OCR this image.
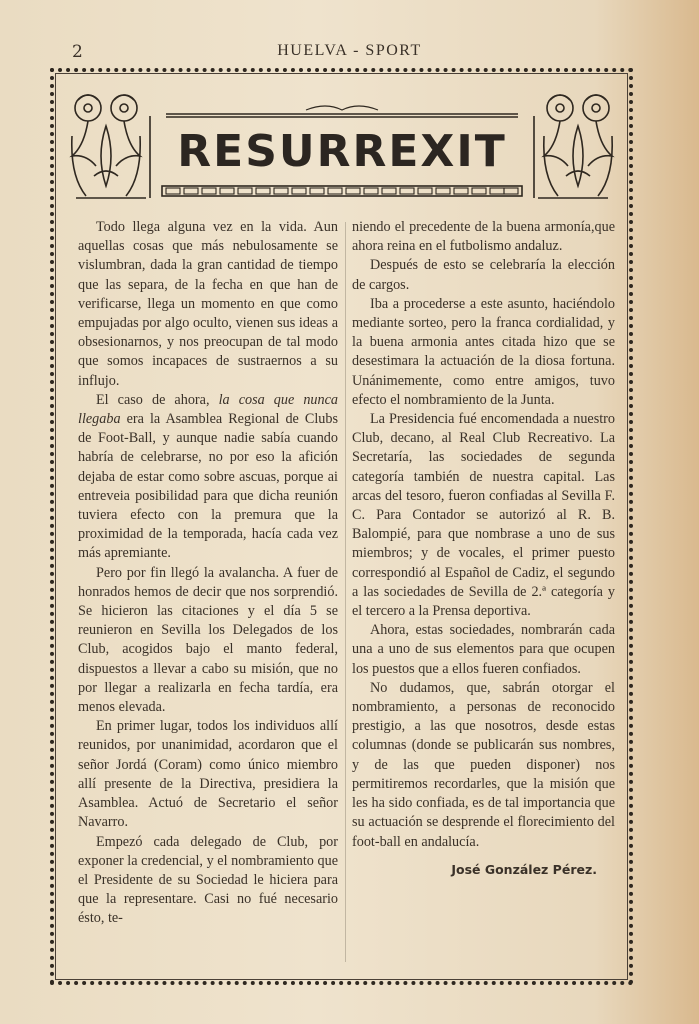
2	HUELVA - SPORT
RESURREXIT

Todo llega alguna vez en la vida. Aun aquellas cosas que más nebulosamente se vislumbran, dada la gran cantidad de tiempo que las separa, de la fecha en que han de verificarse, llega un momento en que como empujadas por algo oculto, vienen sus ideas a obsesionarnos, y nos preocupan de tal modo que somos incapaces de sustraernos a su influjo.

El caso de ahora, la cosa que nunca llegaba era la Asamblea Regional de Clubs de Foot-Ball, y aunque nadie sabía cuando habría de celebrarse, no por eso la afición dejaba de estar como sobre ascuas, porque ai entreveia posibilidad para que dicha reunión tuviera efecto con la premura que la proximidad de la temporada, hacía cada vez más apremiante.

Pero por fin llegó la avalancha. A fuer de honrados hemos de decir que nos sorprendió. Se hicieron las citaciones y el día 5 se reunieron en Sevilla los Delegados de los Club, acogidos bajo el manto federal, dispuestos a llevar a cabo su misión, que no por llegar a realizarla en fecha tardía, era menos elevada.

En primer lugar, todos los individuos allí reunidos, por unanimidad, acordaron que el señor Jordá (Coram) como único miembro allí presente de la Directiva, presidiera la Asamblea. Actuó de Secretario el señor Navarro.

Empezó cada delegado de Club, por exponer la credencial, y el nombramiento que el Presidente de su Sociedad le hiciera para que la representare. Casi no fué necesario ésto, te-

niendo el precedente de la buena armonía,que ahora reina en el futbolismo andaluz.

Después de esto se celebraría la elección de cargos.

Iba a procederse a este asunto, haciéndolo mediante sorteo, pero la franca cordialidad, y la buena armonia antes citada hizo que se desestimara la actuación de la diosa fortuna. Unánimemente, como entre amigos, tuvo efecto el nombramiento de la Junta.

La Presidencia fué encomendada a nuestro Club, decano, al Real Club Recreativo. La Secretaría, las sociedades de segunda categoría también de nuestra capital. Las arcas del tesoro, fueron confiadas al Sevilla F. C. Para Contador se autorizó al R. B. Balompié, para que nombrase a uno de sus miembros; y de vocales, el primer puesto correspondió al Español de Cadiz, el segundo a las sociedades de Sevilla de 2.ª categoría y el tercero a la Prensa deportiva.

Ahora, estas sociedades, nombrarán cada una a uno de sus elementos para que ocupen los puestos que a ellos fueren confiados.

No dudamos, que, sabrán otorgar el nombramiento, a personas de reconocido prestigio, a las que nosotros, desde estas columnas (donde se publicarán sus nombres, y de las que pueden disponer) nos permitiremos recordarles, que la misión que les ha sido confiada, es de tal importancia que su actuación se desprende el florecimiento del foot-ball en andalucía.

José González Pérez.
